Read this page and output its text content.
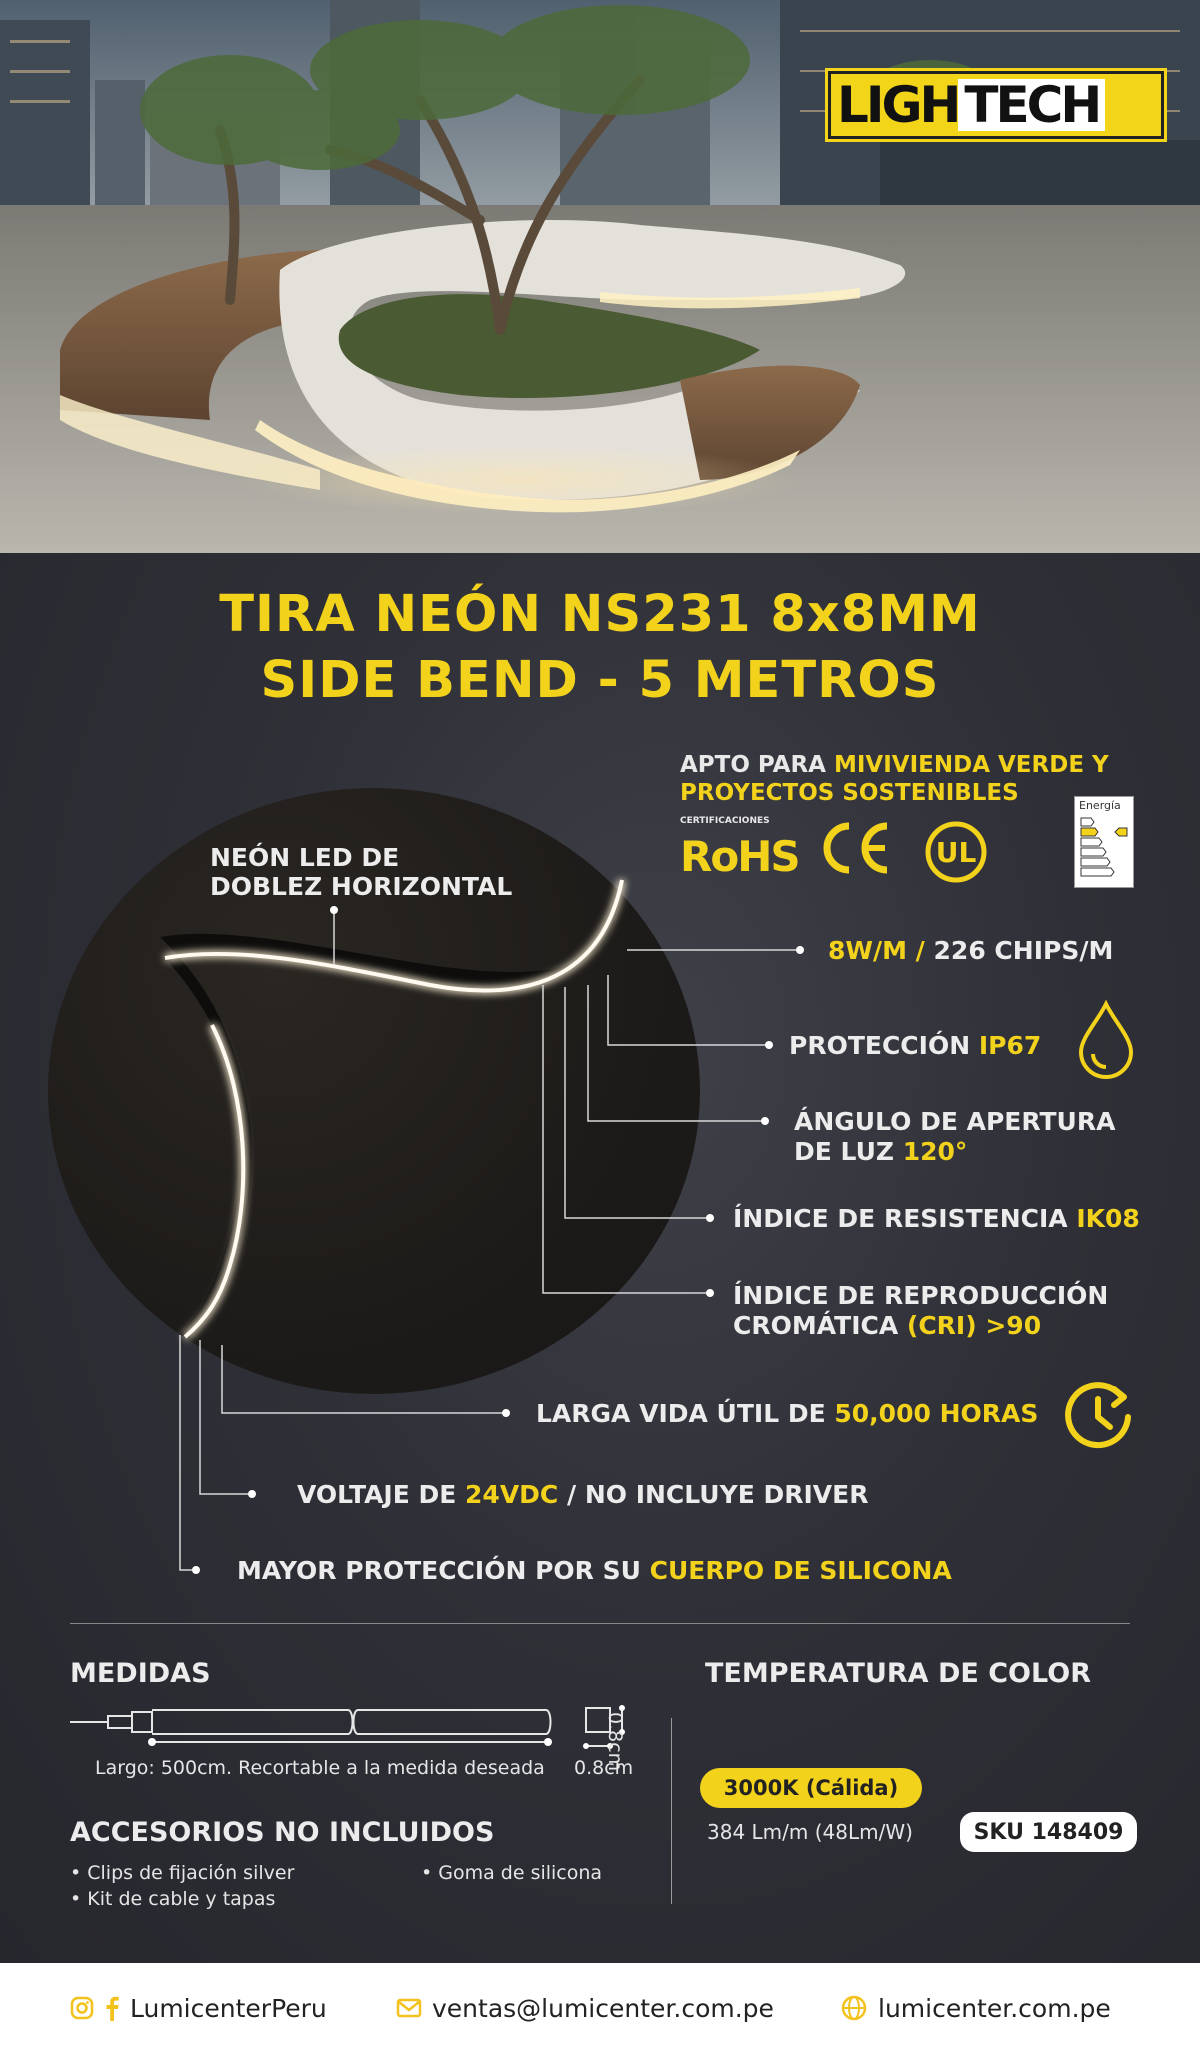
LIGH TECH
TIRA NEÓN NS231 8x8MM
SIDE BEND - 5 METROS
APTO PARA MIVIVIENDA VERDE Y
PROYECTOS SOSTENIBLES
CERTIFICACIONES
RoHS	UL
Energía
NEÓN LED DE
DOBLEZ HORIZONTAL
8W/M / 226 CHIPS/M
PROTECCIÓN IP67
ÁNGULO DE APERTURA
DE LUZ 120°
ÍNDICE DE RESISTENCIA IK08
ÍNDICE DE REPRODUCCIÓN
CROMÁTICA (CRI) >90
LARGA VIDA ÚTIL DE 50,000 HORAS
VOLTAJE DE 24VDC / NO INCLUYE DRIVER
MAYOR PROTECCIÓN POR SU CUERPO DE SILICONA
MEDIDAS
Largo: 500cm. Recortable a la medida deseada 0.8cm
0.8cm
ACCESORIOS NO INCLUIDOS
• Clips de fijación silver	• Goma de silicona
• Kit de cable y tapas
TEMPERATURA DE COLOR
3000K (Cálida)
384 Lm/m (48Lm/W)	SKU 148409
LumicenterPeru	ventas@lumicenter.com.pe	lumicenter.com.pe
